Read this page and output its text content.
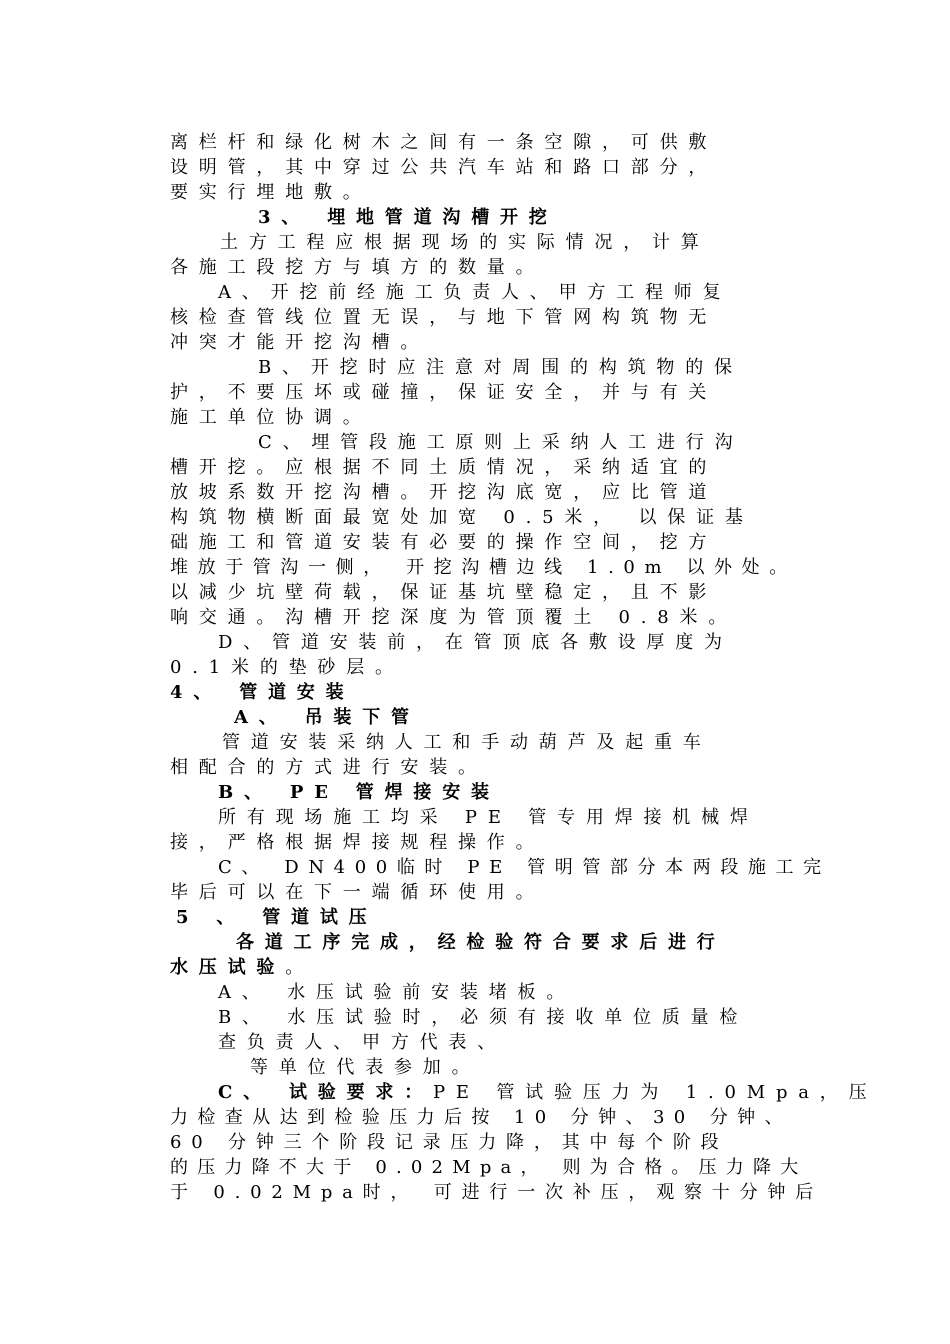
离栏杆和绿化树木之间有一条空隙，可供敷
设明管，其中穿过公共汽车站和路口部分，
要实行埋地敷。
3、 埋地管道沟槽开挖
土方工程应根据现场的实际情况，计算
各施工段挖方与填方的数量。
A、开挖前经施工负责人、甲方工程师复
核检查管线位置无误，与地下管网构筑物无
冲突才能开挖沟槽。
B、开挖时应注意对周围的构筑物的保
护，不要压坏或碰撞，保证安全，并与有关
施工单位协调。
C、埋管段施工原则上采纳人工进行沟
槽开挖。应根据不同土质情况，采纳适宜的
放坡系数开挖沟槽。开挖沟底宽，应比管道
构筑物横断面最宽处加宽 0.5米， 以保证基
础施工和管道安装有必要的操作空间，挖方
堆放于管沟一侧， 开挖沟槽边线 1.0m 以外处。
以减少坑壁荷载，保证基坑壁稳定，且不影
响交通。沟槽开挖深度为管顶覆土 0.8米。
D、管道安装前，在管顶底各敷设厚度为
0.1米的垫砂层。
4、 管道安装
A、 吊装下管
管道安装采纳人工和手动葫芦及起重车
相配合的方式进行安装。
B、 PE 管焊接安装
所有现场施工均采 PE 管专用焊接机械焊
接，严格根据焊接规程操作。
C、 DN400临时 PE 管明管部分本两段施工完
毕后可以在下一端循环使用。
5 、 管道试压
各道工序完成，经检验符合要求后进行
水压试验。
A、 水压试验前安装堵板。
B、 水压试验时，必须有接收单位质量检
查负责人、甲方代表、
等单位代表参加。
C、 试验要求：PE 管试验压力为 1.0Mpa，压
力检查从达到检验压力后按 10 分钟、30 分钟、
60 分钟三个阶段记录压力降，其中每个阶段
的压力降不大于 0.02Mpa， 则为合格。压力降大
于 0.02Mpa时， 可进行一次补压，观察十分钟后
